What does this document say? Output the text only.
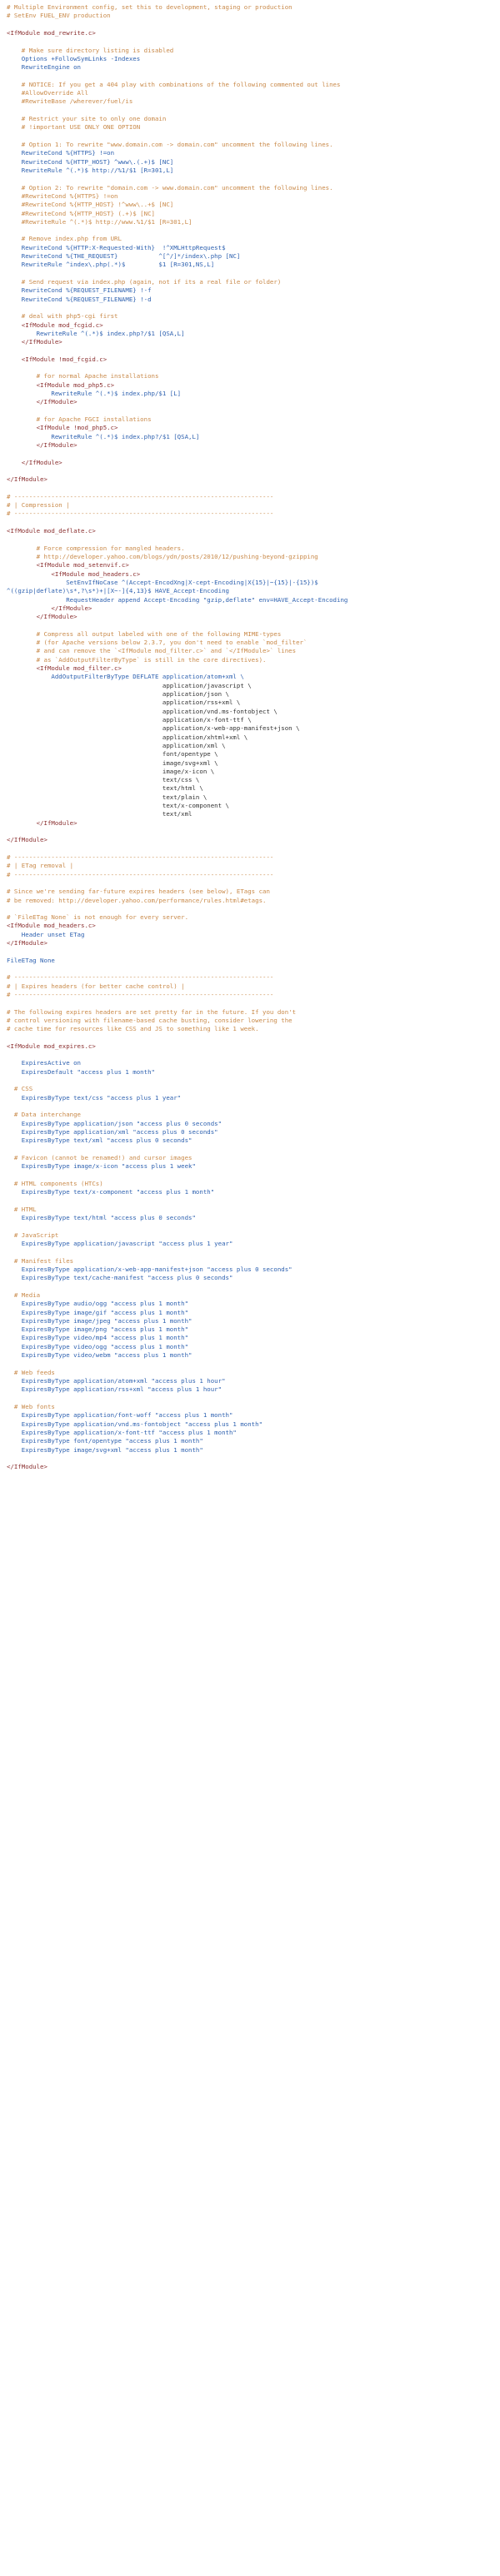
# Multiple Environment config, set this to development, staging or production
# SetEnv FUEL_ENV production
<IfModule mod_rewrite.c>
# Make sure directory listing is disabled
Options +FollowSymLinks -Indexes
RewriteEngine on
# NOTICE: If you get a 404 play with combinations of the following commented out lines
#AllowOverride All
#RewriteBase /wherever/fuel/is
# Restrict your site to only one domain
# !important USE ONLY ONE OPTION
# Option 1: To rewrite "www.domain.com -> domain.com" uncomment the following lines.
RewriteCond %{HTTPS} !=on
RewriteCond %{HTTP_HOST} ^www\.(.+)$ [NC]
RewriteRule ^(.*)$ http://%1/$1 [R=301,L]
# Option 2: To rewrite "domain.com -> www.domain.com" uncomment the following lines.
#RewriteCond %{HTTPS} !=on
#RewriteCond %{HTTP_HOST} !^www\..+$ [NC]
#RewriteCond %{HTTP_HOST} (.+)$ [NC]
#RewriteRule ^(.*)$ http://www.%1/$1 [R=301,L]
# Remove index.php from URL
RewriteCond %{HTTP:X-Requested-With}  !^XMLHttpRequest$
RewriteCond %{THE_REQUEST}           ^[^/]*/index\.php [NC]
RewriteRule ^index\.php(.*)$         $1 [R=301,NS,L]
# Send request via index.php (again, not if its a real file or folder)
RewriteCond %{REQUEST_FILENAME} !-f
RewriteCond %{REQUEST_FILENAME} !-d
# deal with php5-cgi first
<IfModule mod_fcgid.c>
RewriteRule ^(.*)$ index.php?/$1 [QSA,L]
</IfModule>
<IfModule !mod_fcgid.c>
# for normal Apache installations
<IfModule mod_php5.c>
RewriteRule ^(.*)$ index.php/$1 [L]
</IfModule>
# for Apache FGCI installations
<IfModule !mod_php5.c>
RewriteRule ^(.*)$ index.php?/$1 [QSA,L]
</IfModule>
</IfModule>
</IfModule>
# ----------------------------------------------------------------------
# | Compression |
# ----------------------------------------------------------------------
<IfModule mod_deflate.c>
# Force compression for mangled headers.
# http://developer.yahoo.com/blogs/ydn/posts/2010/12/pushing-beyond-gzipping
<IfModule mod_setenvif.c>
<IfModule mod_headers.c>
SetEnvIfNoCase ^(Accept-EncodXng|X-cept-Encoding|X{15}|~{15}|-{15})$
^((gzip|deflate)\s*,?\s*)+|[X~-]{4,13}$ HAVE_Accept-Encoding
RequestHeader append Accept-Encoding "gzip,deflate" env=HAVE_Accept-Encoding
</IfModule>
</IfModule>
# Compress all output labeled with one of the following MIME-types
# (for Apache versions below 2.3.7, you don't need to enable `mod_filter`
# and can remove the `<IfModule mod_filter.c>` and `</IfModule>` lines
# as `AddOutputFilterByType` is still in the core directives).
<IfModule mod_filter.c>
AddOutputFilterByType DEFLATE application/atom+xml \
application/javascript \
application/json \
application/rss+xml \
application/vnd.ms-fontobject \
application/x-font-ttf \
application/x-web-app-manifest+json \
application/xhtml+xml \
application/xml \
font/opentype \
image/svg+xml \
image/x-icon \
text/css \
text/html \
text/plain \
text/x-component \
text/xml
</IfModule>
</IfModule>
# ----------------------------------------------------------------------
# | ETag removal |
# ----------------------------------------------------------------------
# Since we're sending far-future expires headers (see below), ETags can
# be removed: http://developer.yahoo.com/performance/rules.html#etags.
# `FileETag None` is not enough for every server.
<IfModule mod_headers.c>
Header unset ETag
</IfModule>
FileETag None
# ----------------------------------------------------------------------
# | Expires headers (for better cache control) |
# ----------------------------------------------------------------------
# The following expires headers are set pretty far in the future. If you don't
# control versioning with filename-based cache busting, consider lowering the
# cache time for resources like CSS and JS to something like 1 week.
<IfModule mod_expires.c>
ExpiresActive on
ExpiresDefault "access plus 1 month"
# CSS
ExpiresByType text/css "access plus 1 year"
# Data interchange
ExpiresByType application/json "access plus 0 seconds"
ExpiresByType application/xml "access plus 0 seconds"
ExpiresByType text/xml "access plus 0 seconds"
# Favicon (cannot be renamed!) and cursor images
ExpiresByType image/x-icon "access plus 1 week"
# HTML components (HTCs)
ExpiresByType text/x-component "access plus 1 month"
# HTML
ExpiresByType text/html "access plus 0 seconds"
# JavaScript
ExpiresByType application/javascript "access plus 1 year"
# Manifest files
ExpiresByType application/x-web-app-manifest+json "access plus 0 seconds"
ExpiresByType text/cache-manifest "access plus 0 seconds"
# Media
ExpiresByType audio/ogg "access plus 1 month"
ExpiresByType image/gif "access plus 1 month"
ExpiresByType image/jpeg "access plus 1 month"
ExpiresByType image/png "access plus 1 month"
ExpiresByType video/mp4 "access plus 1 month"
ExpiresByType video/ogg "access plus 1 month"
ExpiresByType video/webm "access plus 1 month"
# Web feeds
ExpiresByType application/atom+xml "access plus 1 hour"
ExpiresByType application/rss+xml "access plus 1 hour"
# Web fonts
ExpiresByType application/font-woff "access plus 1 month"
ExpiresByType application/vnd.ms-fontobject "access plus 1 month"
ExpiresByType application/x-font-ttf "access plus 1 month"
ExpiresByType font/opentype "access plus 1 month"
ExpiresByType image/svg+xml "access plus 1 month"
</IfModule>
